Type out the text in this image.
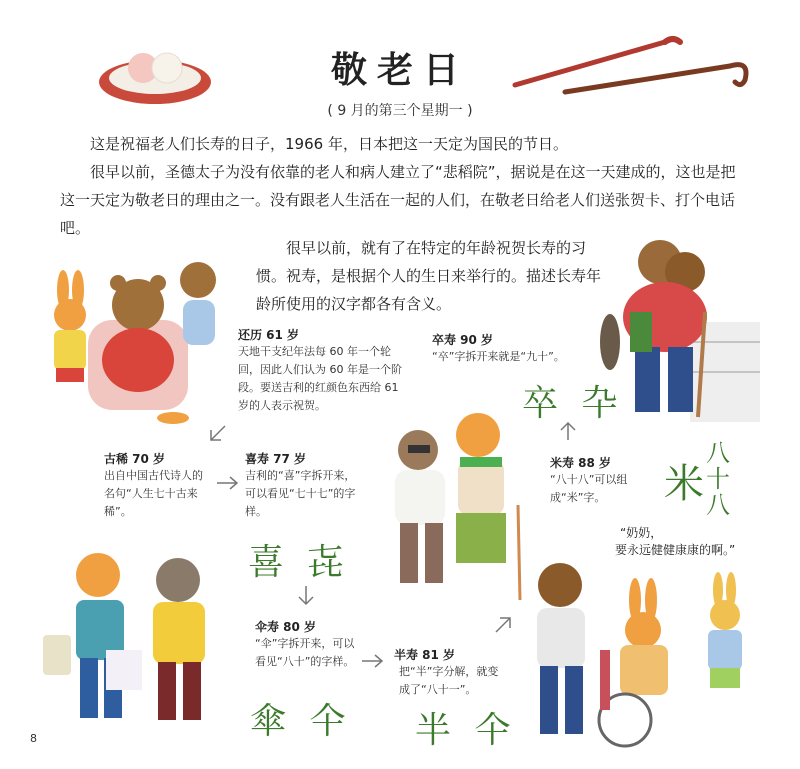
敬老日
( 9 月的第三个星期一 )
这是祝福老人们长寿的日子，1966 年，日本把这一天定为国民的节日。
很早以前，圣德太子为没有依靠的老人和病人建立了“悲稻院”，据说是在这一天建成的，这也是把这一天定为敬老日的理由之一。没有跟老人生活在一起的人们，在敬老日给老人们送张贺卡、打个电话吧。
很早以前，就有了在特定的年龄祝贺长寿的习惯。祝寿，是根据个人的生日来举行的。描述长寿年龄所使用的汉字都各有含义。
还历 61 岁
天地干支纪年法每 60 年一个轮回，因此人们认为 60 年是一个阶段。要送吉利的红颜色东西给 61 岁的人表示祝贺。
卒寿 90 岁
“卒”字拆开来就是“九十”。
卒 卆
古稀 70 岁
出自中国古代诗人的名句“人生七十古来稀”。
喜寿 77 岁
吉利的“喜”字拆开来，可以看见“七十七”的字样。
喜 㐂
米寿 88 岁
“八十八”可以组成“米”字。	米
八
十
八
“奶奶，
要永远健健康康的啊。”
伞寿 80 岁
“伞”字拆开来，可以看见“八十”的字样。
傘 仐
半寿 81 岁
把“半”字分解，就变成了“八十一”。
半 仐
8
